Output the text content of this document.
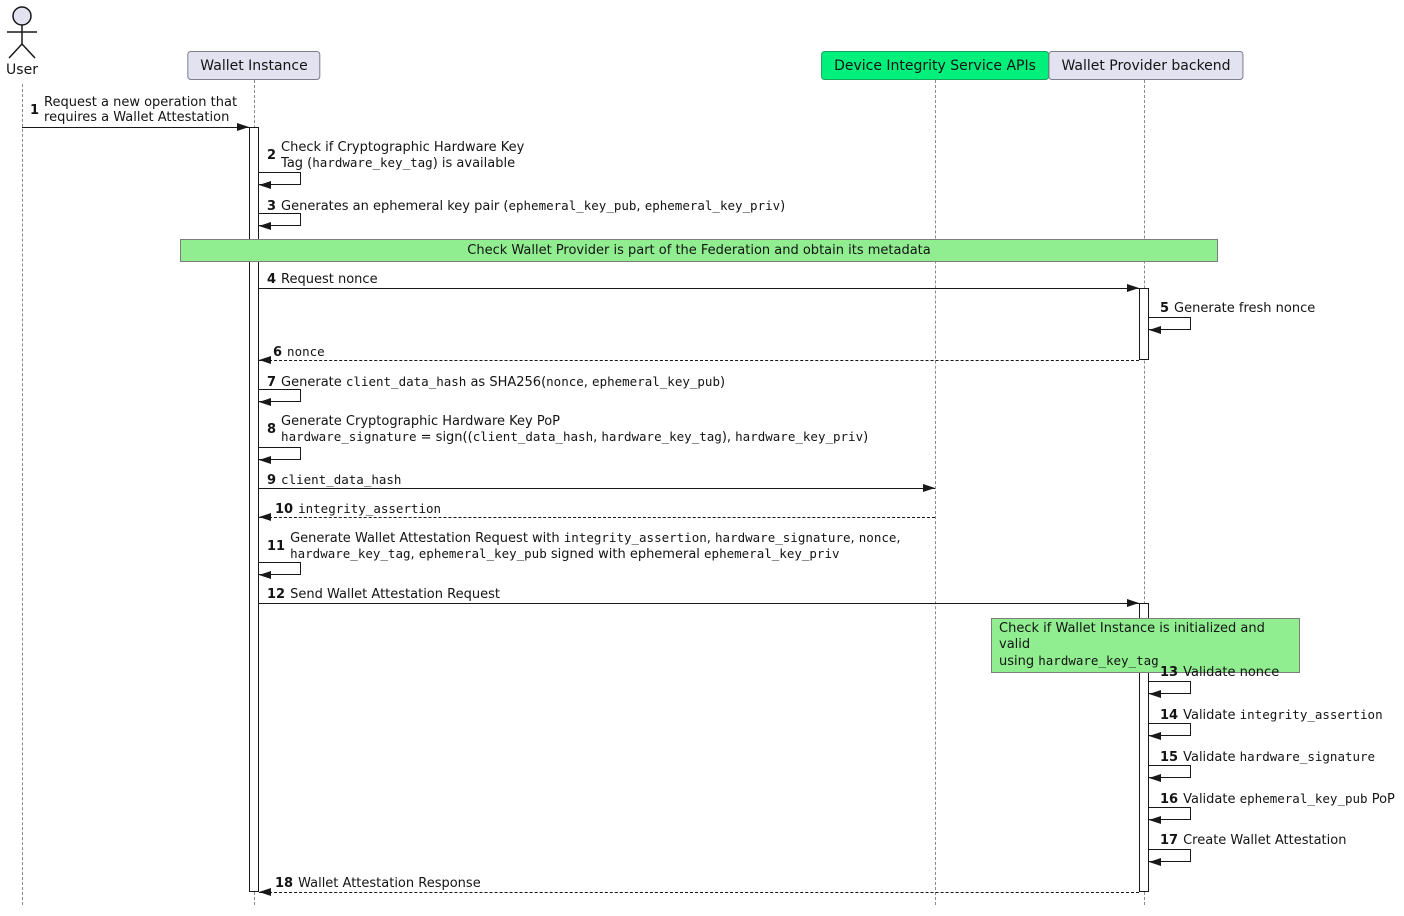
User	Wallet Instance	Device Integrity Service APIs	Wallet Provider backend
Check Wallet Provider is part of the Federation and obtain its metadata
Check if Wallet Instance is initialized and valid
using hardware_key_tag
1 Request a new operation that
requires a Wallet Attestation
2
Check if Cryptographic Hardware Key
Tag (hardware_key_tag) is available
3 Generates an ephemeral key pair (ephemeral_key_pub, ephemeral_key_priv)
4 Request nonce
5 Generate fresh nonce
6 nonce
7 Generate client_data_hash as SHA256(nonce, ephemeral_key_pub)
8
Generate Cryptographic Hardware Key PoP
hardware_signature = sign((client_data_hash, hardware_key_tag), hardware_key_priv)
9 client_data_hash
10 integrity_assertion
11 Generate Wallet Attestation Request with integrity_assertion, hardware_signature, nonce,
hardware_key_tag, ephemeral_key_pub signed with ephemeral ephemeral_key_priv
12 Send Wallet Attestation Request
13 Validate nonce
14 Validate integrity_assertion
15 Validate hardware_signature
16 Validate ephemeral_key_pub PoP
17 Create Wallet Attestation
18 Wallet Attestation Response
